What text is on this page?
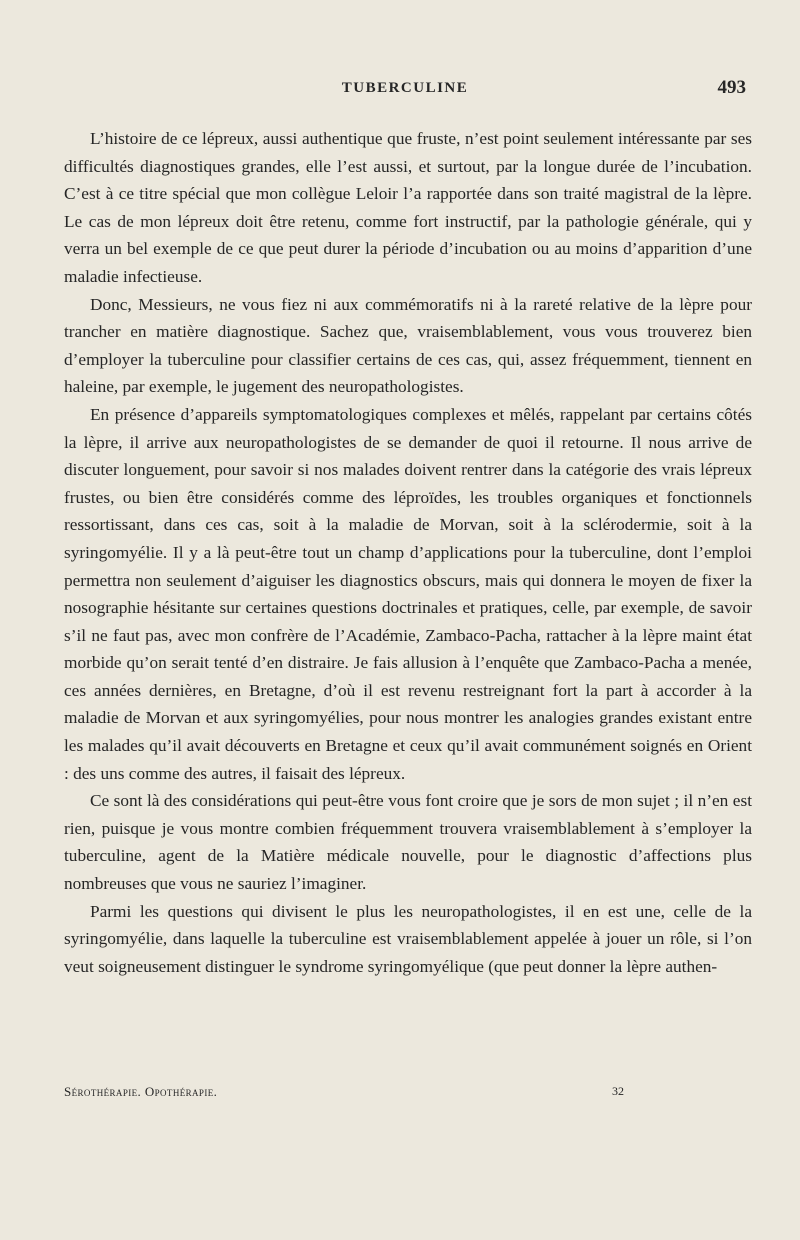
TUBERCULINE	493

L’histoire de ce lépreux, aussi authentique que fruste, n’est point seulement intéressante par ses difficultés diagnostiques grandes, elle l’est aussi, et surtout, par la longue durée de l’incubation. C’est à ce titre spécial que mon collègue Leloir l’a rapportée dans son traité magistral de la lèpre. Le cas de mon lépreux doit être retenu, comme fort instructif, par la pathologie générale, qui y verra un bel exemple de ce que peut durer la période d’incubation ou au moins d’apparition d’une maladie infectieuse.

Donc, Messieurs, ne vous fiez ni aux commémoratifs ni à la rareté relative de la lèpre pour trancher en matière diagnostique. Sachez que, vraisemblablement, vous vous trouverez bien d’employer la tuberculine pour classifier certains de ces cas, qui, assez fréquemment, tiennent en haleine, par exemple, le jugement des neuropathologistes.

En présence d’appareils symptomatologiques complexes et mêlés, rappelant par certains côtés la lèpre, il arrive aux neuropathologistes de se demander de quoi il retourne. Il nous arrive de discuter longuement, pour savoir si nos malades doivent rentrer dans la catégorie des vrais lépreux frustes, ou bien être considérés comme des léproïdes, les troubles organiques et fonctionnels ressortissant, dans ces cas, soit à la maladie de Morvan, soit à la sclérodermie, soit à la syringomyélie. Il y a là peut-être tout un champ d’applications pour la tuberculine, dont l’emploi permettra non seulement d’aiguiser les diagnostics obscurs, mais qui donnera le moyen de fixer la nosographie hésitante sur certaines questions doctrinales et pratiques, celle, par exemple, de savoir s’il ne faut pas, avec mon confrère de l’Académie, Zambaco-Pacha, rattacher à la lèpre maint état morbide qu’on serait tenté d’en distraire. Je fais allusion à l’enquête que Zambaco-Pacha a menée, ces années dernières, en Bretagne, d’où il est revenu restreignant fort la part à accorder à la maladie de Morvan et aux syringomyélies, pour nous montrer les analogies grandes existant entre les malades qu’il avait découverts en Bretagne et ceux qu’il avait communément soignés en Orient : des uns comme des autres, il faisait des lépreux.

Ce sont là des considérations qui peut-être vous font croire que je sors de mon sujet ; il n’en est rien, puisque je vous montre combien fréquemment trouvera vraisemblablement à s’employer la tuberculine, agent de la Matière médicale nouvelle, pour le diagnostic d’affections plus nombreuses que vous ne sauriez l’imaginer.

Parmi les questions qui divisent le plus les neuropathologistes, il en est une, celle de la syringomyélie, dans laquelle la tuberculine est vraisemblablement appelée à jouer un rôle, si l’on veut soigneusement distinguer le syndrome syringomyélique (que peut donner la lèpre authen-

Sérothérapie. Opothérapie.	32
